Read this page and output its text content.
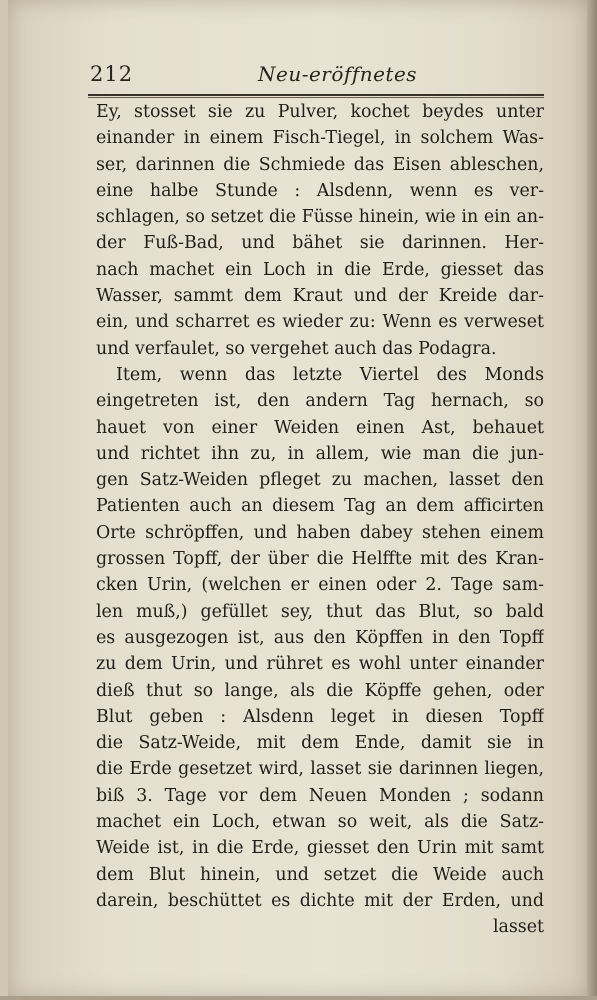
212	Neu-eröffnetes
Ey, stosset sie zu Pulver, kochet beydes unter
einander in einem Fisch-Tiegel, in solchem Was-
ser, darinnen die Schmiede das Eisen ableschen,
eine halbe Stunde : Alsdenn, wenn es ver-
schlagen, so setzet die Füsse hinein, wie in ein an-
der Fuß-Bad, und bähet sie darinnen. Her-
nach machet ein Loch in die Erde, giesset das
Wasser, sammt dem Kraut und der Kreide dar-
ein, und scharret es wieder zu: Wenn es verweset
und verfaulet, so vergehet auch das Podagra.
Item, wenn das letzte Viertel des Monds
eingetreten ist, den andern Tag hernach, so
hauet von einer Weiden einen Ast, behauet
und richtet ihn zu, in allem, wie man die jun-
gen Satz-Weiden pfleget zu machen, lasset den
Patienten auch an diesem Tag an dem afficirten
Orte schröpffen, und haben dabey stehen einem
grossen Topff, der über die Helffte mit des Kran-
cken Urin, (welchen er einen oder 2. Tage sam-
len muß,) gefüllet sey, thut das Blut, so bald
es ausgezogen ist, aus den Köpffen in den Topff
zu dem Urin, und rühret es wohl unter einander
dieß thut so lange, als die Köpffe gehen, oder
Blut geben : Alsdenn leget in diesen Topff
die Satz-Weide, mit dem Ende, damit sie in
die Erde gesetzet wird, lasset sie darinnen liegen,
biß 3. Tage vor dem Neuen Monden ; sodann
machet ein Loch, etwan so weit, als die Satz-
Weide ist, in die Erde, giesset den Urin mit samt
dem Blut hinein, und setzet die Weide auch
darein, beschüttet es dichte mit der Erden, und
lasset
